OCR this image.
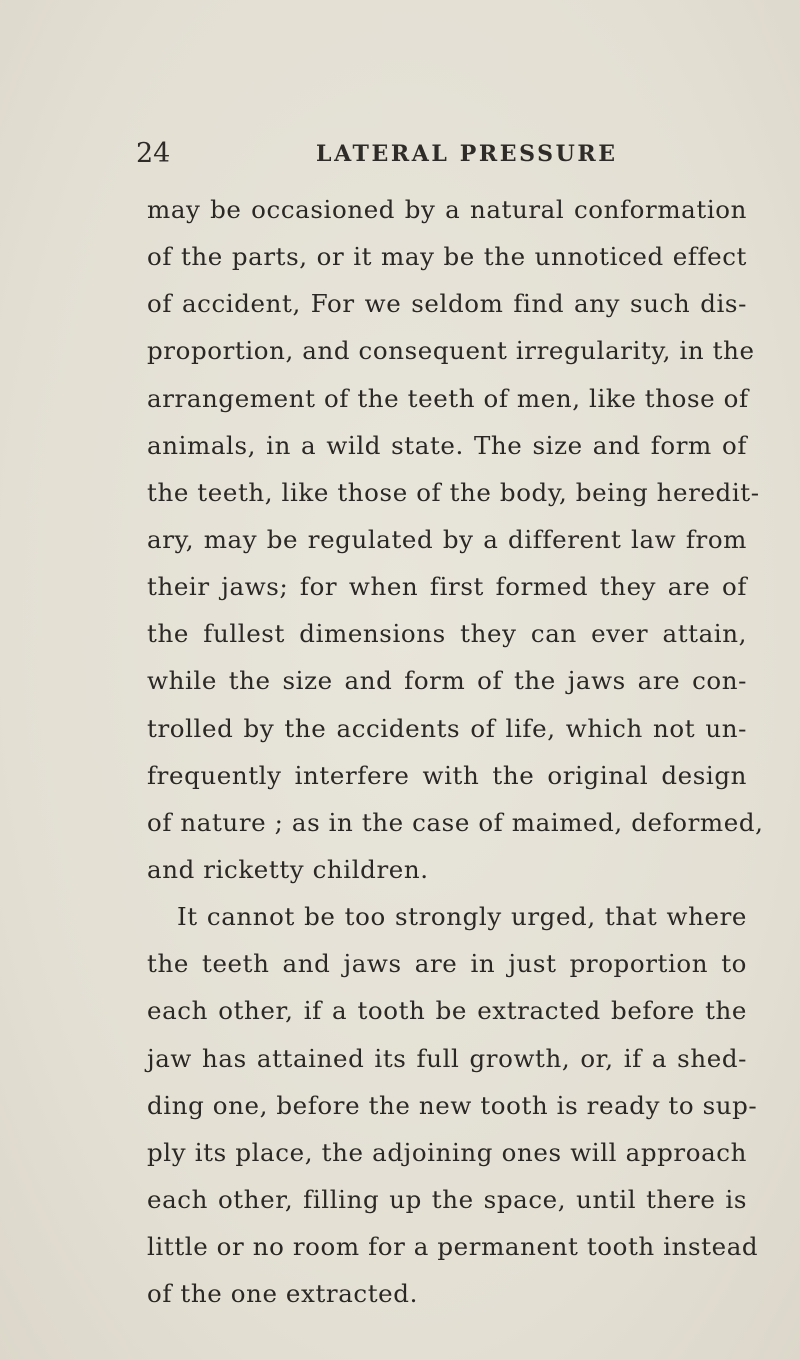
24	LATERAL PRESSURE
may be occasioned by a natural conformation
of the parts, or it may be the unnoticed effect
of accident, For we seldom find any such dis-
proportion, and consequent irregularity, in the
arrangement of the teeth of men, like those of
animals, in a wild state. The size and form of
the teeth, like those of the body, being heredit-
ary, may be regulated by a different law from
their jaws; for when first formed they are of
the fullest dimensions they can ever attain,
while the size and form of the jaws are con-
trolled by the accidents of life, which not un-
frequently interfere with the original design
of nature ; as in the case of maimed, deformed,
and ricketty children.
It cannot be too strongly urged, that where
the teeth and jaws are in just proportion to
each other, if a tooth be extracted before the
jaw has attained its full growth, or, if a shed-
ding one, before the new tooth is ready to sup-
ply its place, the adjoining ones will approach
each other, filling up the space, until there is
little or no room for a permanent tooth instead
of the one extracted.
